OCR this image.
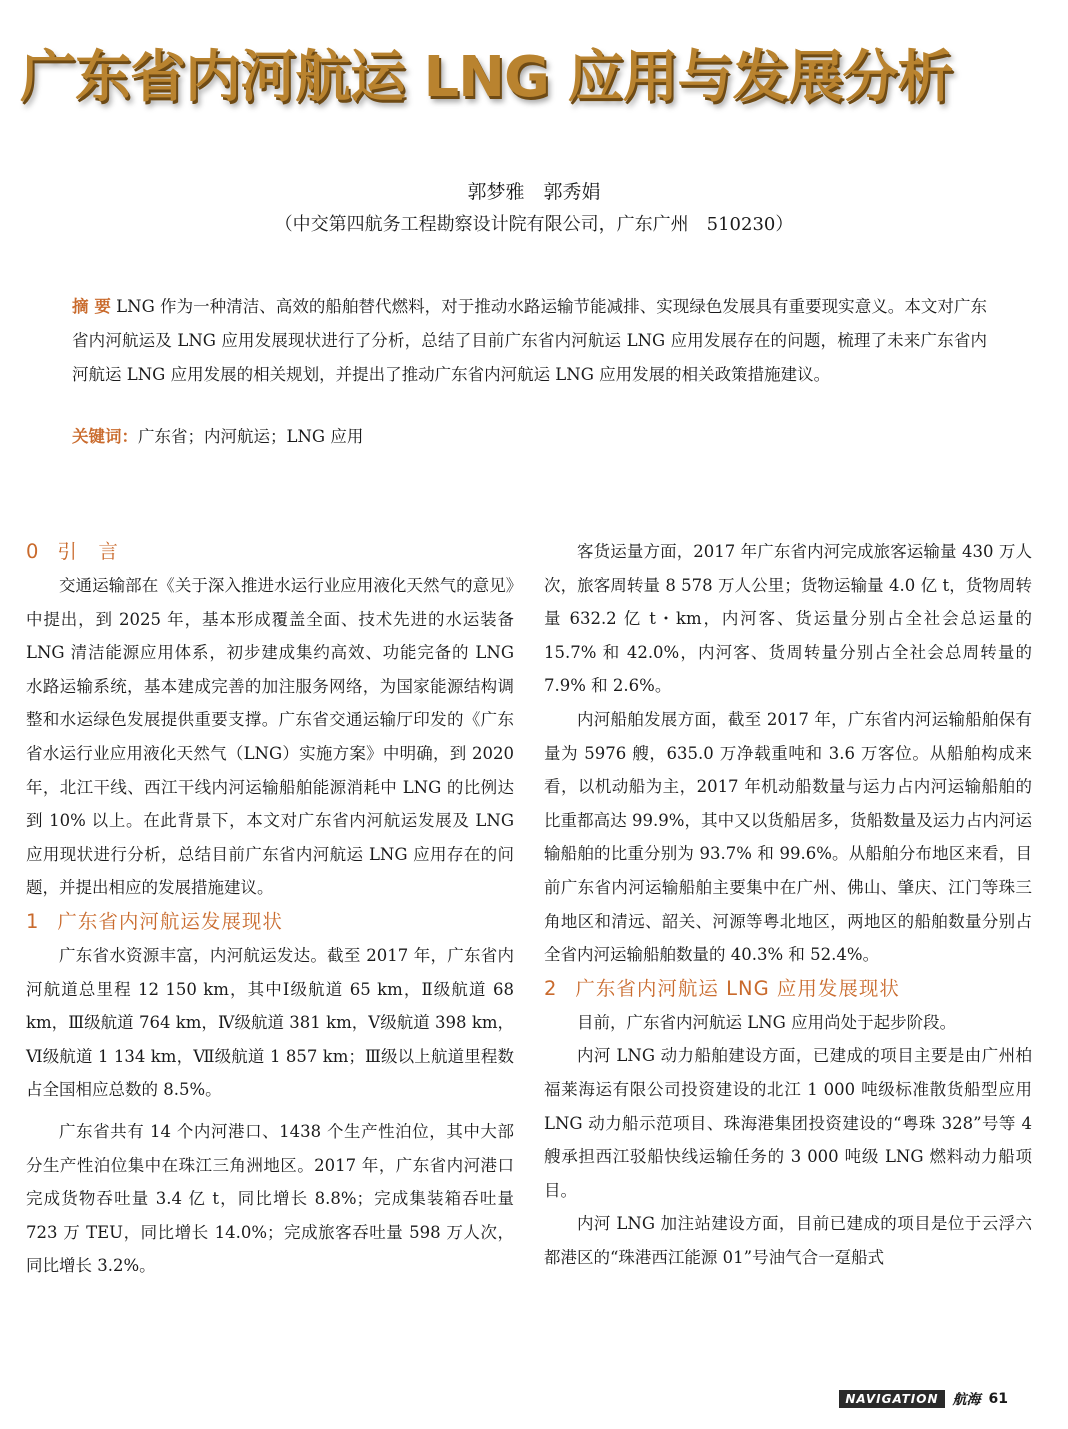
广东省内河航运 LNG 应用与发展分析
郭梦雅　郭秀娟
（中交第四航务工程勘察设计院有限公司，广东广州　510230）
摘 要 LNG 作为一种清洁、高效的船舶替代燃料，对于推动水路运输节能减排、实现绿色发展具有重要现实意义。本文对广东省内河航运及 LNG 应用发展现状进行了分析，总结了目前广东省内河航运 LNG 应用发展存在的问题，梳理了未来广东省内河航运 LNG 应用发展的相关规划，并提出了推动广东省内河航运 LNG 应用发展的相关政策措施建议。
关键词：广东省；内河航运；LNG 应用
0 引　言

交通运输部在《关于深入推进水运行业应用液化天然气的意见》中提出，到 2025 年，基本形成覆盖全面、技术先进的水运装备 LNG 清洁能源应用体系，初步建成集约高效、功能完备的 LNG 水路运输系统，基本建成完善的加注服务网络，为国家能源结构调整和水运绿色发展提供重要支撑。广东省交通运输厅印发的《广东省水运行业应用液化天然气（LNG）实施方案》中明确，到 2020 年，北江干线、西江干线内河运输船舶能源消耗中 LNG 的比例达到 10% 以上。在此背景下，本文对广东省内河航运发展及 LNG 应用现状进行分析，总结目前广东省内河航运 LNG 应用存在的问题，并提出相应的发展措施建议。

1 广东省内河航运发展现状

广东省水资源丰富，内河航运发达。截至 2017 年，广东省内河航道总里程 12 150 km，其中Ⅰ级航道 65 km，Ⅱ级航道 68 km，Ⅲ级航道 764 km，Ⅳ级航道 381 km，Ⅴ级航道 398 km，Ⅵ级航道 1 134 km，Ⅶ级航道 1 857 km；Ⅲ级以上航道里程数占全国相应总数的 8.5%。

广东省共有 14 个内河港口、1438 个生产性泊位，其中大部分生产性泊位集中在珠江三角洲地区。2017 年，广东省内河港口完成货物吞吐量 3.4 亿 t，同比增长 8.8%；完成集装箱吞吐量 723 万 TEU，同比增长 14.0%；完成旅客吞吐量 598 万人次，同比增长 3.2%。

客货运量方面，2017 年广东省内河完成旅客运输量 430 万人次，旅客周转量 8 578 万人公里；货物运输量 4.0 亿 t，货物周转量 632.2 亿 t・km，内河客、货运量分别占全社会总运量的 15.7% 和 42.0%，内河客、货周转量分别占全社会总周转量的 7.9% 和 2.6%。

内河船舶发展方面，截至 2017 年，广东省内河运输船舶保有量为 5976 艘，635.0 万净载重吨和 3.6 万客位。从船舶构成来看，以机动船为主，2017 年机动船数量与运力占内河运输船舶的比重都高达 99.9%，其中又以货船居多，货船数量及运力占内河运输船舶的比重分别为 93.7% 和 99.6%。从船舶分布地区来看，目前广东省内河运输船舶主要集中在广州、佛山、肇庆、江门等珠三角地区和清远、韶关、河源等粤北地区，两地区的船舶数量分别占全省内河运输船舶数量的 40.3% 和 52.4%。

2 广东省内河航运 LNG 应用发展现状

目前，广东省内河航运 LNG 应用尚处于起步阶段。

内河 LNG 动力船舶建设方面，已建成的项目主要是由广州柏福莱海运有限公司投资建设的北江 1 000 吨级标准散货船型应用 LNG 动力船示范项目、珠海港集团投资建设的“粤珠 328”号等 4 艘承担西江驳船快线运输任务的 3 000 吨级 LNG 燃料动力船项目。

内河 LNG 加注站建设方面，目前已建成的项目是位于云浮六都港区的“珠港西江能源 01”号油气合一趸船式

NAVIGATION	航海 61
